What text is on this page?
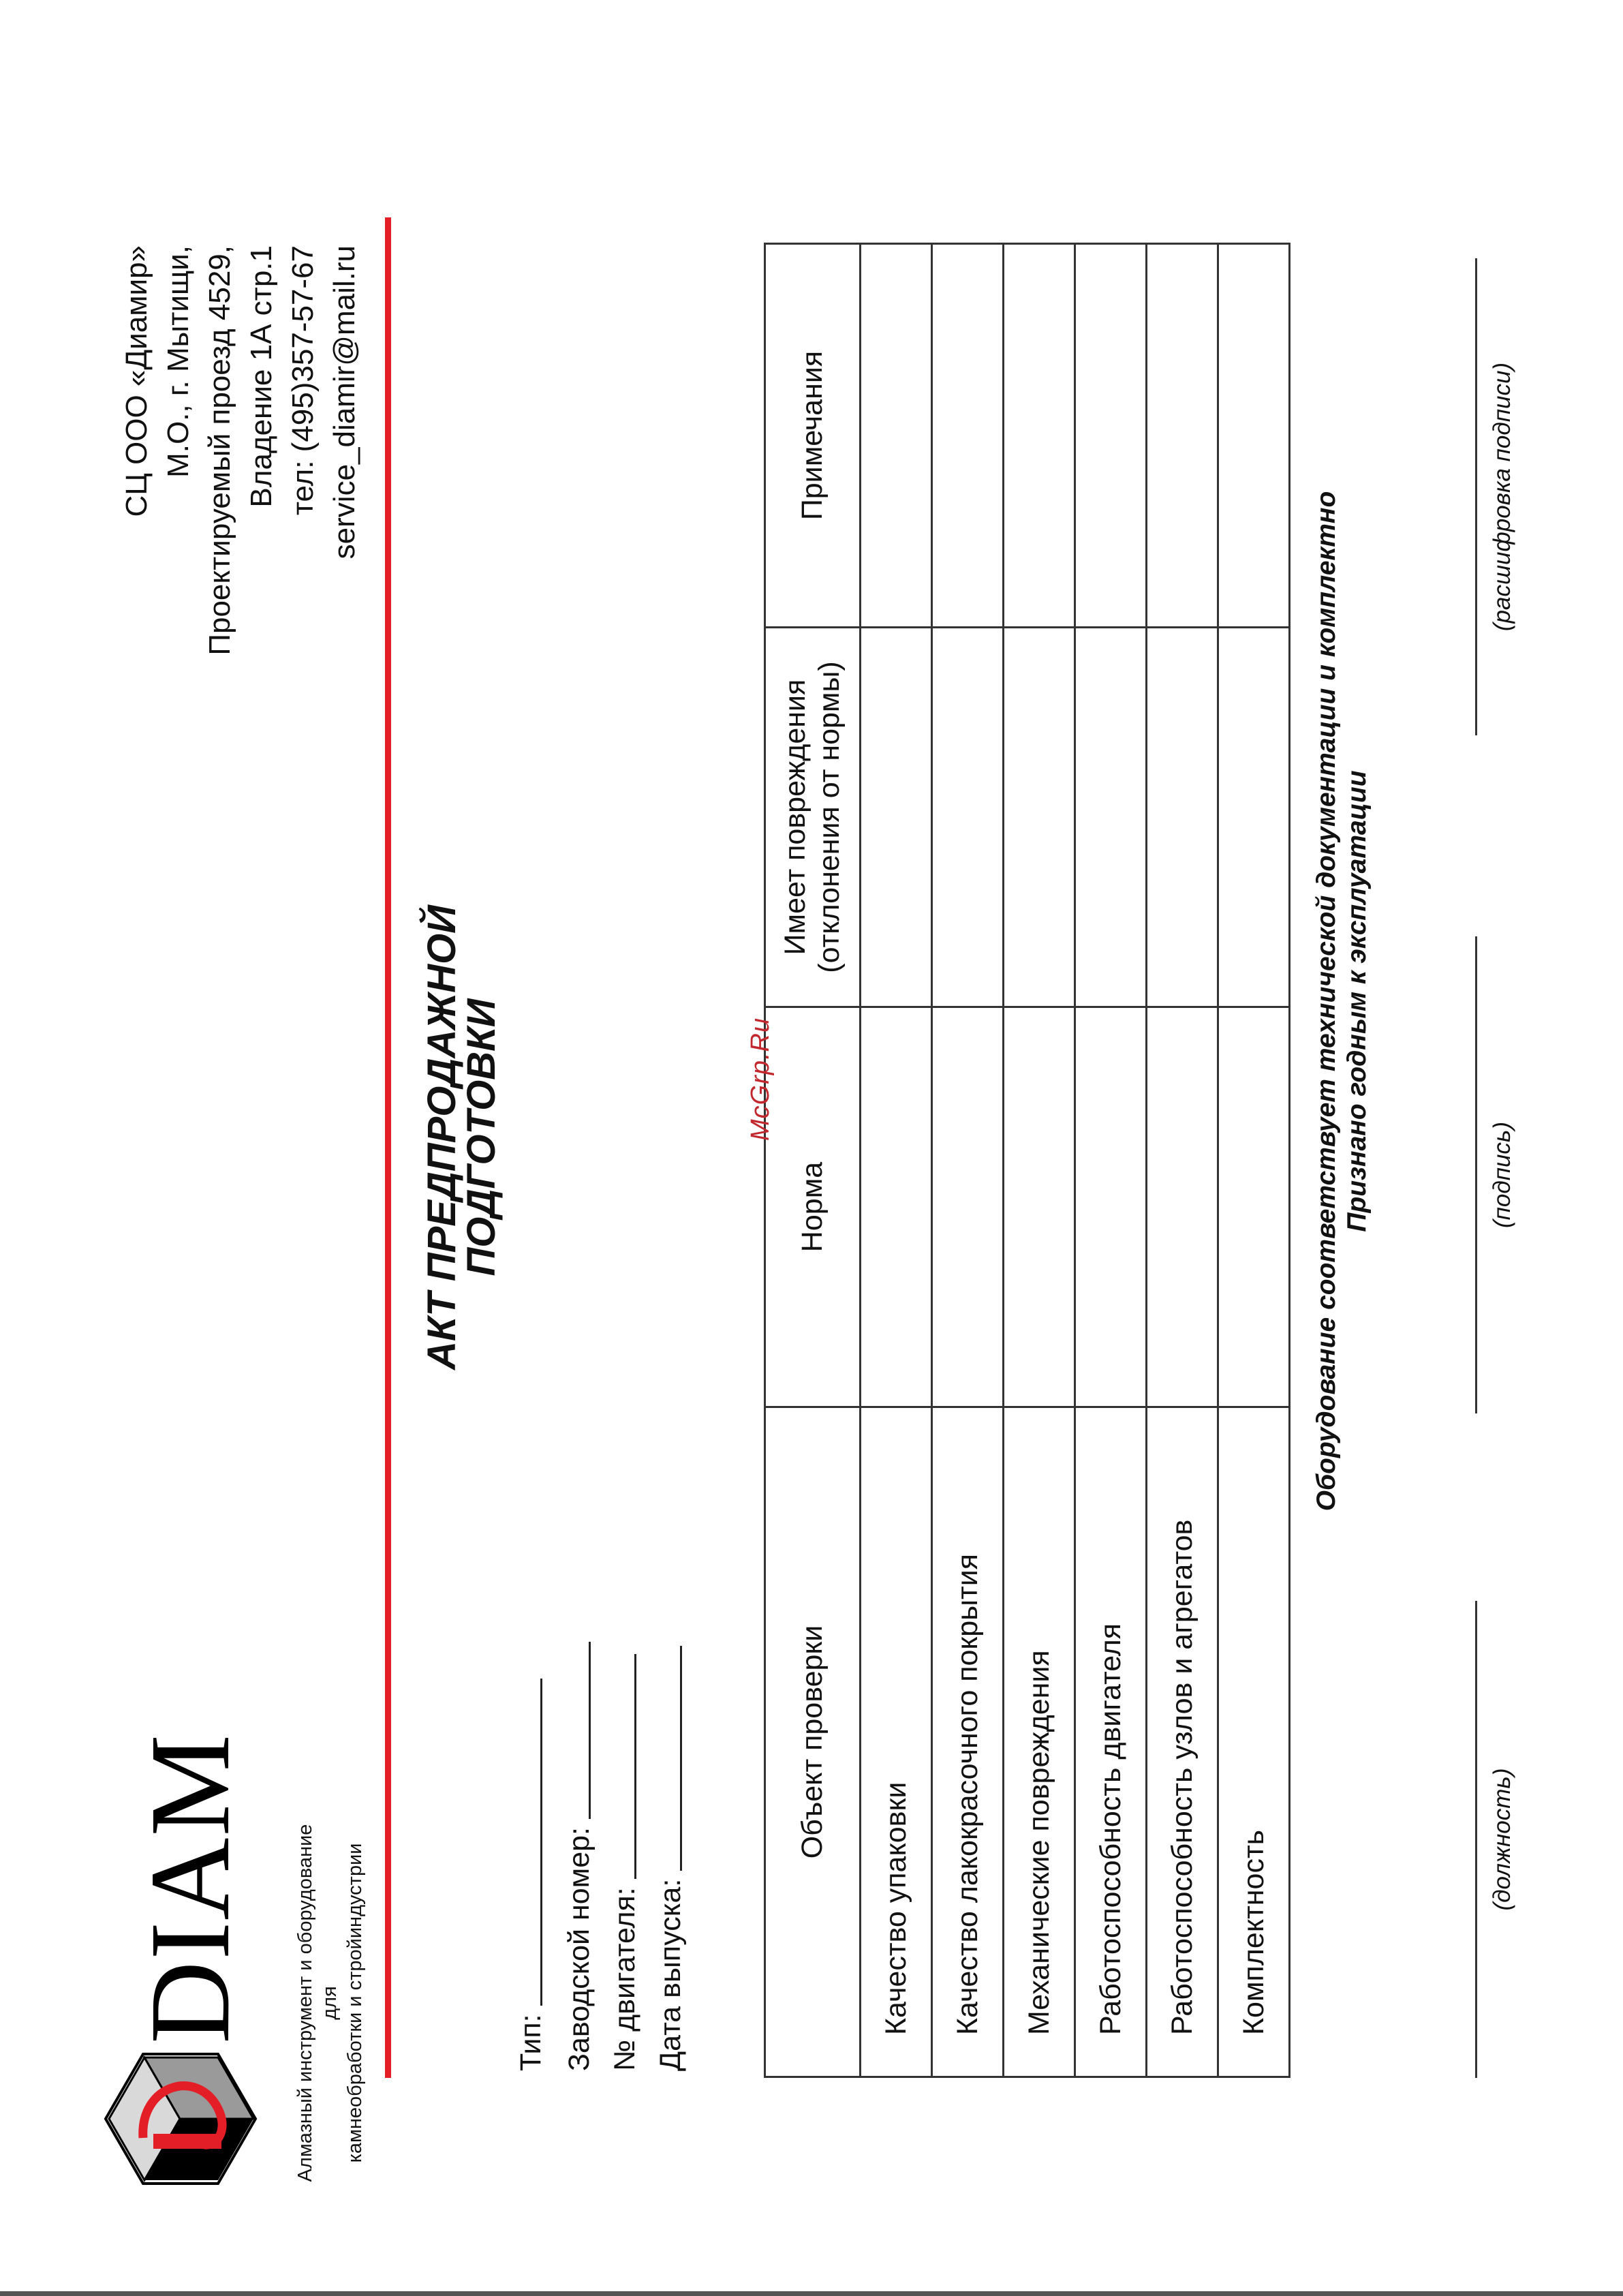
DIAM Алмазный инструмент и оборудование для камнеобработки и стройиндустрии
СЦ ООО «Диамир» М.О., г. Мытищи, Проектируемый проезд 4529, Владение 1А стр.1 тел: (495)357-57-67 service_diamir@mail.ru
АКТ ПРЕДПРОДАЖНОЙ ПОДГОТОВКИ
Тип: Заводской номер: № двигателя: Дата выпуска:
Объект проверки	Норма	Имеет повреждения (отклонения от нормы)	Примечания
Качество упаковки			
Качество лакокрасочного покрытия			
Механические повреждения			
Работоспособность двигателя			
Работоспособность узлов и агрегатов			
Комплектность			
Оборудование соответствует технической документации и комплектно Признано годным к эксплуатации
(должность)
(подпись)
(расшифровка подписи)
McGrp.Ru
